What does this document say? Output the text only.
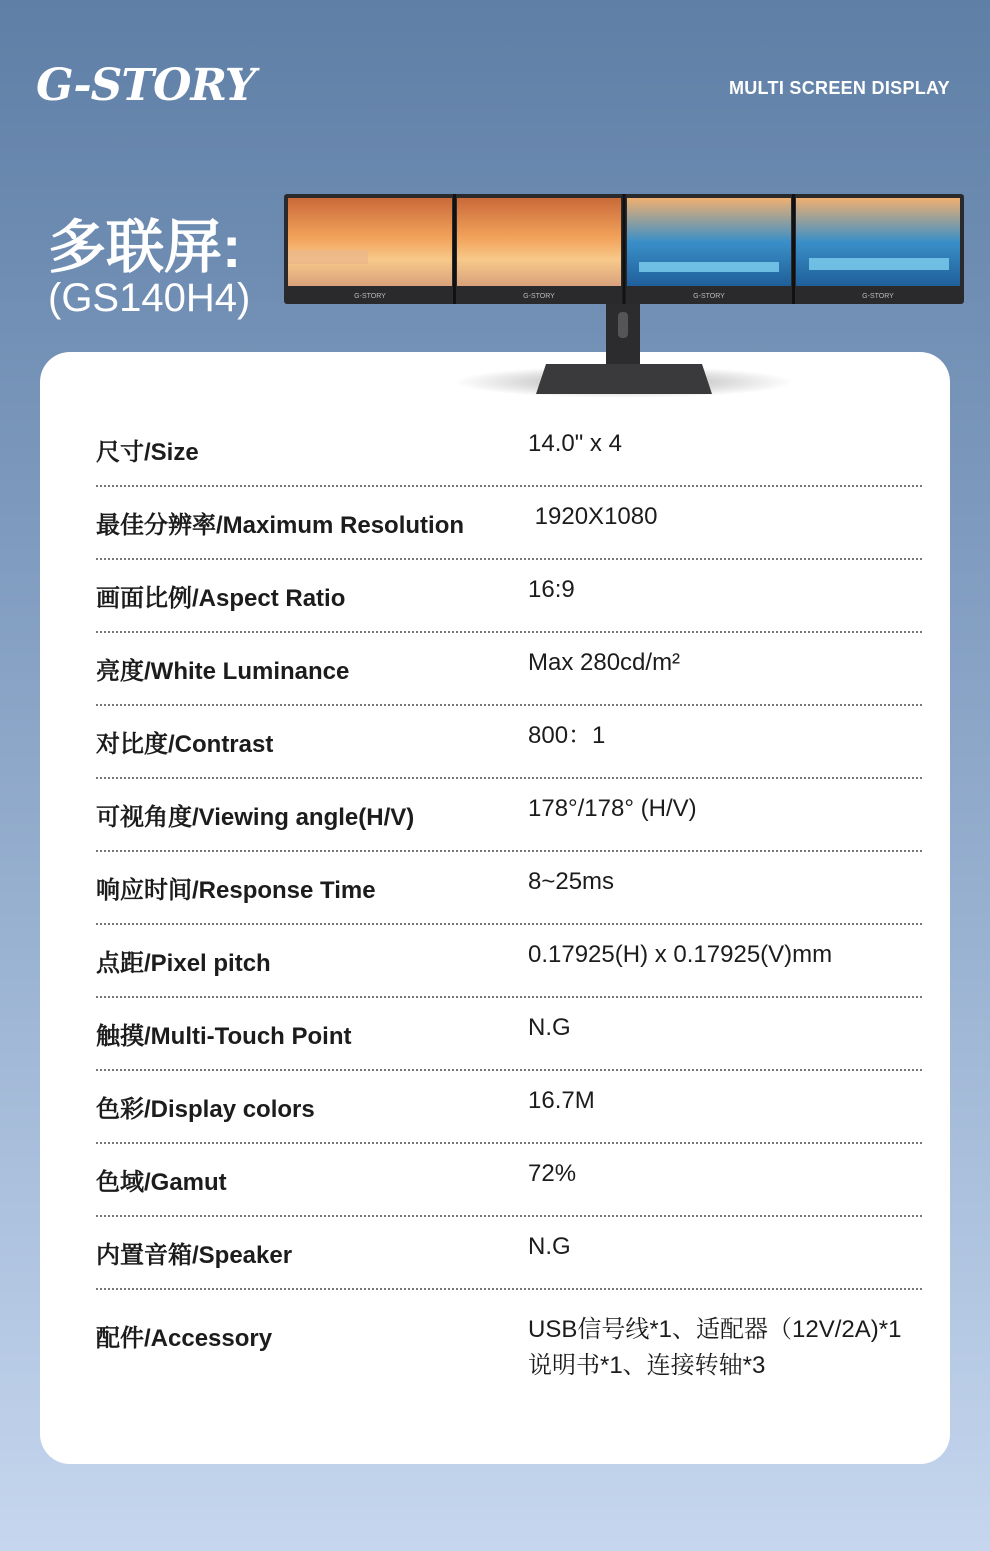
G-STORY	MULTI SCREEN DISPLAY
多联屏:
(GS140H4)
尺寸/Size	14.0" x 4
最佳分辨率/Maximum Resolution	1920X1080
画面比例/Aspect Ratio	16:9
亮度/White Luminance	Max 280cd/m²
对比度/Contrast	800：1
可视角度/Viewing angle(H/V)	178°/178° (H/V)
响应时间/Response Time	8~25ms
点距/Pixel pitch	0.17925(H) x 0.17925(V)mm
触摸/Multi-Touch Point	N.G
色彩/Display colors	16.7M
色域/Gamut	72%
内置音箱/Speaker	N.G
配件/Accessory	USB信号线*1、适配器（12V/2A)*1
说明书*1、连接转轴*3
G-STORY	G-STORY	G-STORY	G-STORY
